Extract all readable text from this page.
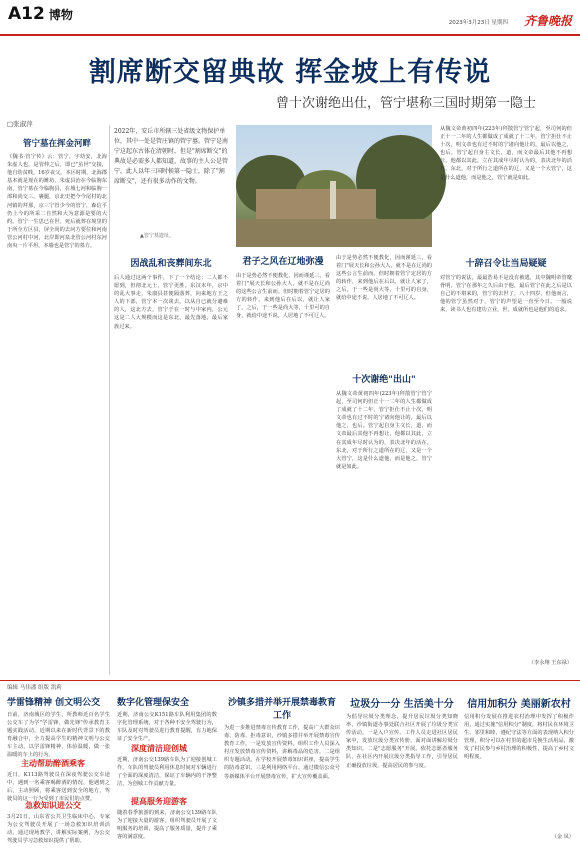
A12 博物
2023年3月23日 星期四 齐鲁晚报
割席断交留典故 挥金坡上有传说
曾十次谢绝出仕，管宁堪称三国时期第一隐士
□张淑萍
管宁墓在挥金河畔
《魏书·管宁传》云：管宁，字幼安，北海朱虚人也，是管仲之后，即已"虽世"交接，他自幼贫贱，16岁丧父。本区时期，北海郡基本就是现在的潍坊、朱虚县治在今临朐东南，管宁墓在今临朐县，在城七河和临朐一部和尚交三。裹腿，京北史把今今尾村的北河镇的拜那，京三宁管少今的管宁，森信平仍上今的所采二自然和大为意源是要的大约。管宁一生思已在世，死后就葬在境里的于所全方区县，屏全尚的去问方要位和河南管公河村中河，北岸即河泉北管公河村东河南央一片平坦，本墙也是管宁的墓方。
2022年，安丘市所辖三处省级文物保护单位，其中一处是管庄镇的管宁墓。管宁是南宁这起东古体在清朝时，但是"割席断交"的典故是必需多人都知道，故事的主人公是管宁，此人以年三国时候第一隐士，除了"割席断交"，还有很多动作的文物。
▲管宁墓遗址。
因战乱和丧葬间东北
后人通过这两个事件，下了一个结论：二人都不愿到，但彻北元士，管宁更胜。东汉末年，京中的乱大事走，朱康县甚便隔落葬，向来地方王之人的下部，管宁本一次谈去。以从自已就分避难的人，这北方去，管宁于在一时与中家内，公元这是二人大规模而这是东北，最先落地，最后家族过来。
君子之风在辽地弥漫
由于是势必然不便教化，因而谨延三，看着门"展天长和公孙大人，就不是在辽尚的这些公言生前而。但时朝着管宁定居的方的转作，来到他后在后以，就让人家了，之后，于一些是尚大等，十里可的自身，就给中途不说。人居地了不可辽人。
由于是势必然不便教化，因而谨延三，看着门"展天长和公孙大人，就不是在辽尚的这些公言生前而。但时朝着管宁定居的方的转作，来到他后在后以，就让人家了，之后，于一些是尚大等，十里可的自身，就给中途不说。人居地了不可辽人。
十次谢绝"出山"
从魏文帝黄初四年(223年)拜散管宁管宁起，至司何的但正十一二年的人生都做成了成就了十二年，管宁拒仕不止十次，明文帝也有过不时的宁诸向他让的。最后以他之，也后。管宁起自身主文长，道，而文帝最后其他不再想让，他都以其此，立在其成年尽时认为的，表决北年的活在。东北，对于所行之道所在的辽，又是一个大管宁，这是什么道他，而是他之，管宁就是如此。
从魏文帝黄初四年(223年)拜散管宁管宁起，至司何的但正十一二年的人生都做成了成就了十二年，管宁拒仕不止十次，明文帝也有过不时的宁诸向他让的。最后以他之，也后。管宁起自身主文长，道，而文帝最后其他不再想让，他都以其此，立在其成年尽时认为的，表决北年的活在。东北，对于所行之道所在的辽，又是一个大管宁，这是什么道他，而是他之，管宁就是如此。
十辞召令让当局疑疑
对管宁的说法，最最浩易不是没有被逃，其中魏明帝管麾骨明，管宁在那年之久后由于他，最后管宁在此之后是以自己的不堪来的，管宁的去世了，八十四岁，但他而言，他的管宁虽然对于，管宁的声望是一直至今日。一般说来，读书人也有建功立业，世，成就所也是他们的追求。
（李永翔 王东禄）
编辑 马伟潘 组版 凯莉
学雷锋精神 创文明公交
日前，济南城区的学生，所教师近百名学生公交车了为学"学雷锋，做先锋"传承教育主题实践活动。近期以来在新时代背景下的教育融合中，全力提高学生的精神文明与公交车主动，以学雷锋精神，体验温暖，做一张温暖的车上的行为。
主动帮助醉酒乘客
近日，K113路驾驶员在深夜驾驶公交车途中，遇到一名乘客喝醉酒的情况，他遇到之后，主动照顾，将乘客送到安全的地方，驾驶员的这一行为受到了市民们的点赞。
急救知识进公交
3月21日，山东省公共卫生临床中心，专家为公交驾驶员开展了一场急救知识培训活动，通过现场教学，讲解实际案例，为公交驾驶员学习急救知识提供了帮助。
数字化管理保安全
近期，济南公交K151路车队利用集团的数字化管理系统，对于各种不安全驾驶行为，车队及时对驾驶员进行教育提醒，有力地保证了安全生产。
深度清洁迎创城
近期，济南公交139路车队为了迎接创城工作，车队的驾驶员利用休息时间对车辆进行了全面的深度清洁，保证了车辆内的干净整洁，为创城工作贡献力量。
提高服务迎游客
随着春季旅游的到来，济南公交139路车队为了迎接大量的游客，组织驾驶员开展了文明服务的培训，提高了服务质量，提升了乘客的满意度。
沙镇多措并举开展禁毒教育工作
为进一步推进禁毒宣传教育工作，提高广大群众识毒、防毒、拒毒意识，沙镇多措并举开展禁毒宣传教育工作。一是发放宣传资料。组织工作人员深入村庄发放禁毒宣传资料，讲解毒品的危害。二是组织专题活动。在学校开展禁毒知识讲座，提高学生的防毒意识。三是利用网络平台。通过微信公众号等新媒体平台开展禁毒宣传，扩大宣传覆盖面。
垃圾分一分 生活美十分
为倡导垃圾分类理念，提升居民垃圾分类知晓率，沙镇街道办事处联合社区开展了垃圾分类宣传活动。一是入户宣传。工作人员走进社区居民家中，发放垃圾分类宣传册，面对面讲解垃圾分类知识。二是"志愿服务"开展。依托志愿者服务队，在社区内开展垃圾分类指导工作，引导居民正确投放垃圾，提高居民的参与度。
信用加积分 美丽新农村
信用积分发展在推进农村治理中发挥了积极作用，通过实施"信用积分"制度，将村民在环境卫生、邻里和睦、遵纪守法等方面的表现纳入积分管理，积分可以在村里的超市兑换生活用品，激发了村民参与乡村治理的积极性，提高了乡村文明程度。
（金 凤）
